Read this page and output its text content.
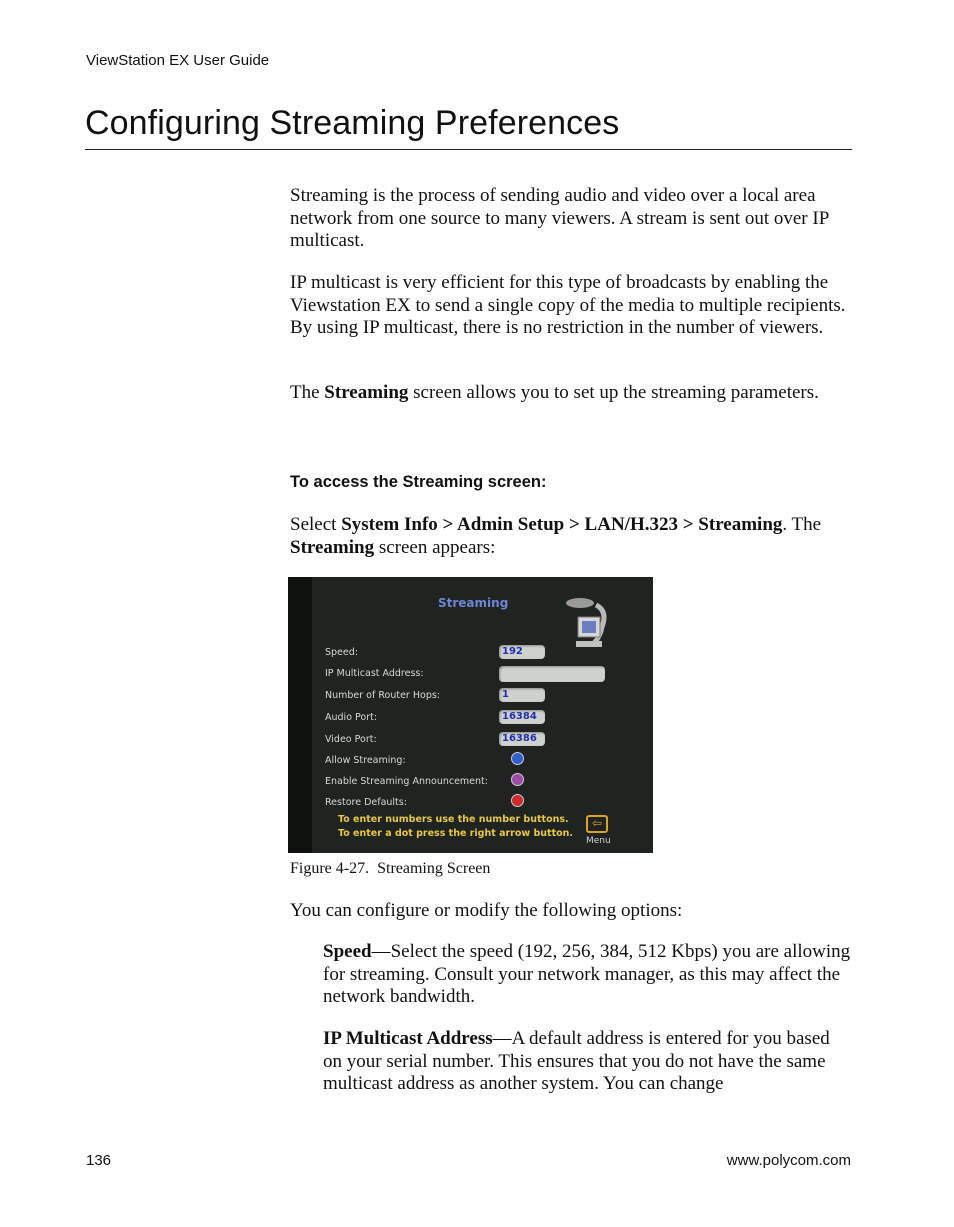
ViewStation EX User Guide
Configuring Streaming Preferences

Streaming is the process of sending audio and video over a local area network from one source to many viewers. A stream is sent out over IP multicast.

IP multicast is very efficient for this type of broadcasts by enabling the Viewstation EX to send a single copy of the media to multiple recipients. By using IP multicast, there is no restriction in the number of viewers.

The Streaming screen allows you to set up the streaming parameters.

To access the Streaming screen:

Select System Info > Admin Setup > LAN/H.323 > Streaming. The Streaming screen appears:

Streaming
Speed:	192
IP Multicast Address:
Number of Router Hops:	1
Audio Port:	16384
Video Port:	16386
Allow Streaming:
Enable Streaming Announcement:
Restore Defaults:
To enter numbers use the number buttons.
To enter a dot press the right arrow button.
⇦
Menu
Figure 4-27. Streaming Screen

You can configure or modify the following options:

Speed—Select the speed (192, 256, 384, 512 Kbps) you are allowing for streaming. Consult your network manager, as this may affect the network bandwidth.

IP Multicast Address—A default address is entered for you based on your serial number. This ensures that you do not have the same multicast address as another system. You can change

136	www.polycom.com
